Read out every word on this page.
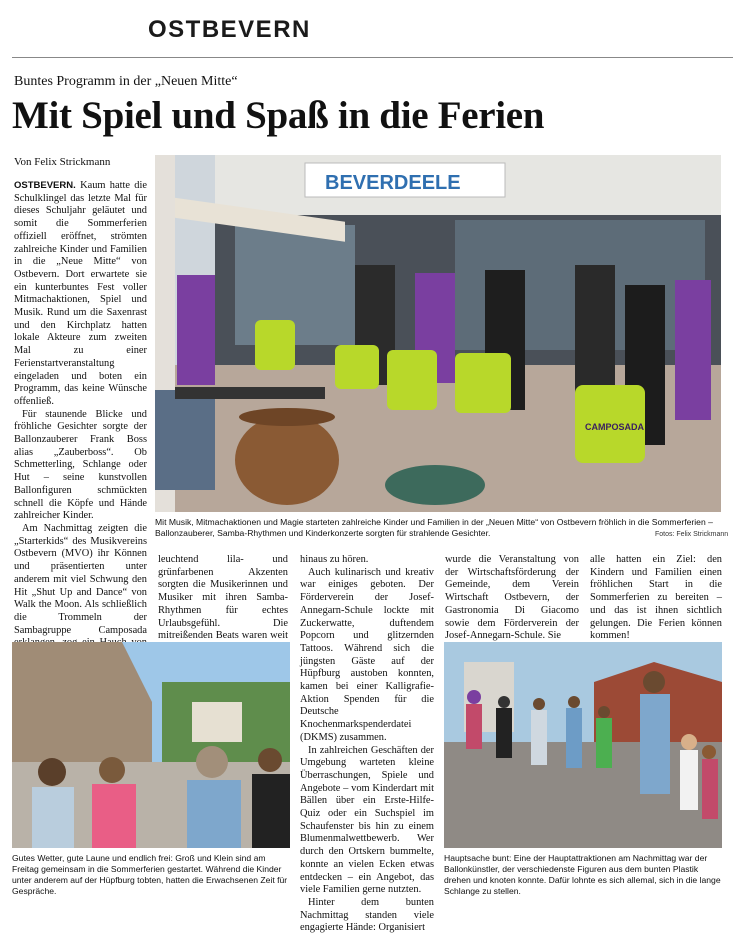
OSTBEVERN
Buntes Programm in der „Neuen Mitte“
Mit Spiel und Spaß in die Ferien
Von Felix Strickmann

OSTBEVERN. Kaum hatte die Schulklingel das letzte Mal für dieses Schuljahr geläutet und somit die Sommerferien offiziell eröffnet, strömten zahlreiche Kinder und Familien in die „Neue Mitte“ von Ostbevern. Dort erwartete sie ein kunterbuntes Fest voller Mitmachaktionen, Spiel und Musik. Rund um die Saxenrast und den Kirchplatz hatten lokale Akteure zum zweiten Mal zu einer Ferienstartveranstaltung eingeladen und boten ein Programm, das keine Wünsche offenließ.

Für staunende Blicke und fröhliche Gesichter sorgte der Ballonzauberer Frank Boss alias „Zauberboss“. Ob Schmetterling, Schlange oder Hut – seine kunstvollen Ballonfiguren schmückten schnell die Köpfe und Hände zahlreicher Kinder.

Am Nachmittag zeigten die „Starterkids“ des Musikvereins Ostbevern (MVO) ihr Können und präsentierten unter anderem mit viel Schwung den Hit „Shut Up and Dance“ von Walk the Moon. Als schließlich die Trommeln der Sambagruppe Camposada

BEVERDEELE
CAMPOSADA
Mit Musik, Mitmachaktionen und Magie starteten zahlreiche Kinder und Familien in der „Neuen Mitte“ von Ostbevern fröhlich in die Sommerferien – Ballonzauberer, Samba-Rhythmen und Kinderkonzerte sorgten für strahlende Gesichter.	Fotos: Felix Strickmann

leuchtend lila- und grünfarbenen Akzenten sorgten die Musikerinnen und Musiker mit ihren Samba-Rhythmen für echtes Urlaubsgefühl. Die mitreißenden Beats waren weit

hinaus zu hören.

Auch kulinarisch und kreativ war einiges geboten. Der Förderverein der Josef-Annegarn-Schule lockte mit Zuckerwatte, duftendem Popcorn und glitzernden Tattoos. Während sich die jüngsten Gäste auf der Hüpfburg austoben konnten, kamen bei einer Kalligrafie-Aktion Spenden für die Deutsche Knochenmarkspenderdatei (DKMS) zusammen.

In zahlreichen Geschäften der Umgebung warteten kleine Überraschungen, Spiele und Angebote – vom Kinderdart mit Bällen über ein Erste-Hilfe-Quiz oder ein Suchspiel im Schaufenster bis hin zu einem Blumenmalwettbewerb. Wer durch den Ortskern bummelte, konnte an vielen Ecken etwas entdecken – ein Angebot, das viele Familien gerne nutzten.

Hinter dem bunten Nachmittag standen viele engagierte Hände: Organisiert

wurde die Veranstaltung von der Wirtschaftsförderung der Gemeinde, dem Verein Wirtschaft Ostbevern, der Gastronomia Di Giacomo sowie dem Förderverein der Josef-Annegarn-Schule. Sie

alle hatten ein Ziel: den Kindern und Familien einen fröhlichen Start in die Sommerferien zu bereiten – und das ist ihnen sichtlich gelungen. Die Ferien können kommen!

Gutes Wetter, gute Laune und endlich frei: Groß und Klein sind am Freitag gemeinsam in die Sommerferien gestartet. Während die Kinder unter anderem auf der Hüpfburg tobten, hatten die Erwachsenen Zeit für Gespräche.
Hauptsache bunt: Eine der Hauptattraktionen am Nachmittag war der Ballonkünstler, der verschiedenste Figuren aus dem bunten Plastik drehen und knoten konnte. Dafür lohnte es sich allemal, sich in die lange Schlange zu stellen.
